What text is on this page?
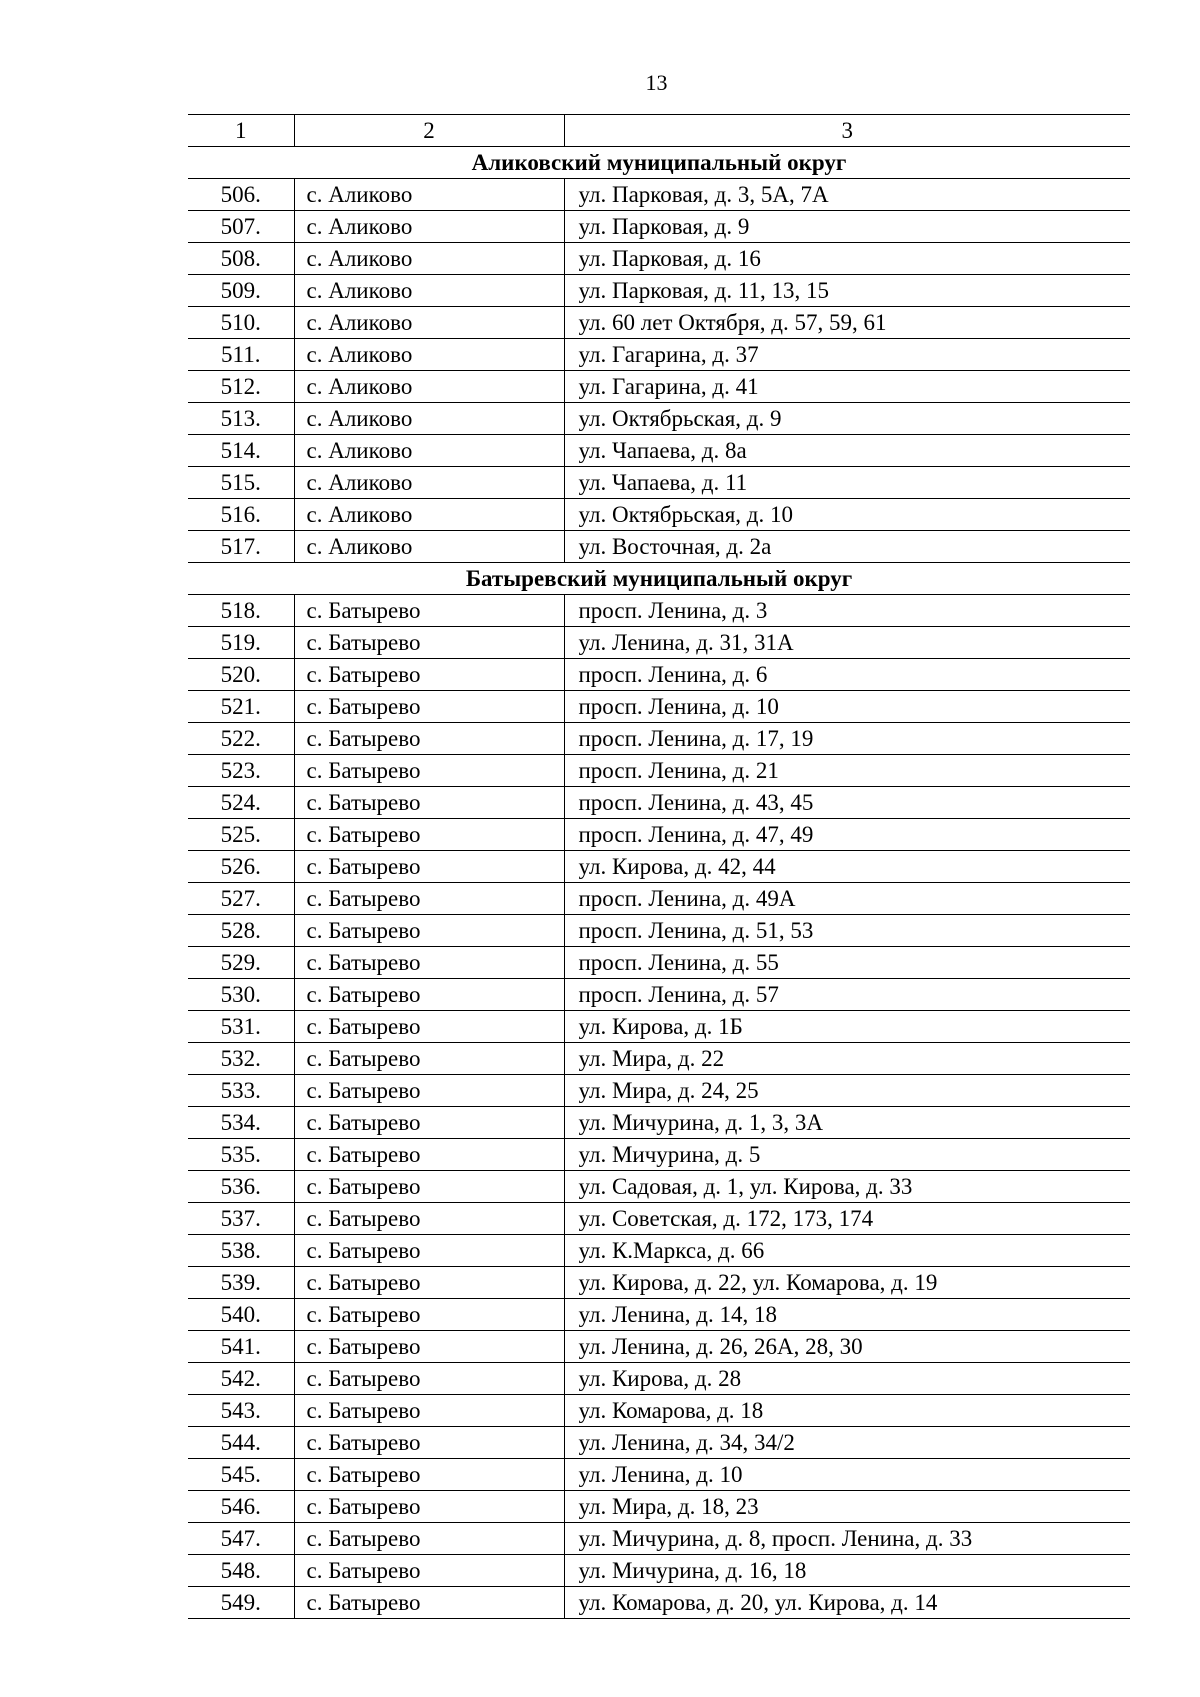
13
1	2	3
Аликовский муниципальный округ		
506.	с. Аликово	ул. Парковая, д. 3, 5А, 7А
507.	с. Аликово	ул. Парковая, д. 9
508.	с. Аликово	ул. Парковая, д. 16
509.	с. Аликово	ул. Парковая, д. 11, 13, 15
510.	с. Аликово	ул. 60 лет Октября, д. 57, 59, 61
511.	с. Аликово	ул. Гагарина, д. 37
512.	с. Аликово	ул. Гагарина, д. 41
513.	с. Аликово	ул. Октябрьская, д. 9
514.	с. Аликово	ул. Чапаева, д. 8а
515.	с. Аликово	ул. Чапаева, д. 11
516.	с. Аликово	ул. Октябрьская, д. 10
517.	с. Аликово	ул. Восточная, д. 2а
Батыревский муниципальный округ		
518.	с. Батырево	просп. Ленина, д. 3
519.	с. Батырево	ул. Ленина, д. 31, 31А
520.	с. Батырево	просп. Ленина, д. 6
521.	с. Батырево	просп. Ленина, д. 10
522.	с. Батырево	просп. Ленина, д. 17, 19
523.	с. Батырево	просп. Ленина, д. 21
524.	с. Батырево	просп. Ленина, д. 43, 45
525.	с. Батырево	просп. Ленина, д. 47, 49
526.	с. Батырево	ул. Кирова, д. 42, 44
527.	с. Батырево	просп. Ленина, д. 49А
528.	с. Батырево	просп. Ленина, д. 51, 53
529.	с. Батырево	просп. Ленина, д. 55
530.	с. Батырево	просп. Ленина, д. 57
531.	с. Батырево	ул. Кирова, д. 1Б
532.	с. Батырево	ул. Мира, д. 22
533.	с. Батырево	ул. Мира, д. 24, 25
534.	с. Батырево	ул. Мичурина, д. 1, 3, 3А
535.	с. Батырево	ул. Мичурина, д. 5
536.	с. Батырево	ул. Садовая, д. 1, ул. Кирова, д. 33
537.	с. Батырево	ул. Советская, д. 172, 173, 174
538.	с. Батырево	ул. К.Маркса, д. 66
539.	с. Батырево	ул. Кирова, д. 22, ул. Комарова, д. 19
540.	с. Батырево	ул. Ленина, д. 14, 18
541.	с. Батырево	ул. Ленина, д. 26, 26А, 28, 30
542.	с. Батырево	ул. Кирова, д. 28
543.	с. Батырево	ул. Комарова, д. 18
544.	с. Батырево	ул. Ленина, д. 34, 34/2
545.	с. Батырево	ул. Ленина, д. 10
546.	с. Батырево	ул. Мира, д. 18, 23
547.	с. Батырево	ул. Мичурина, д. 8, просп. Ленина, д. 33
548.	с. Батырево	ул. Мичурина, д. 16, 18
549.	с. Батырево	ул. Комарова, д. 20, ул. Кирова, д. 14
